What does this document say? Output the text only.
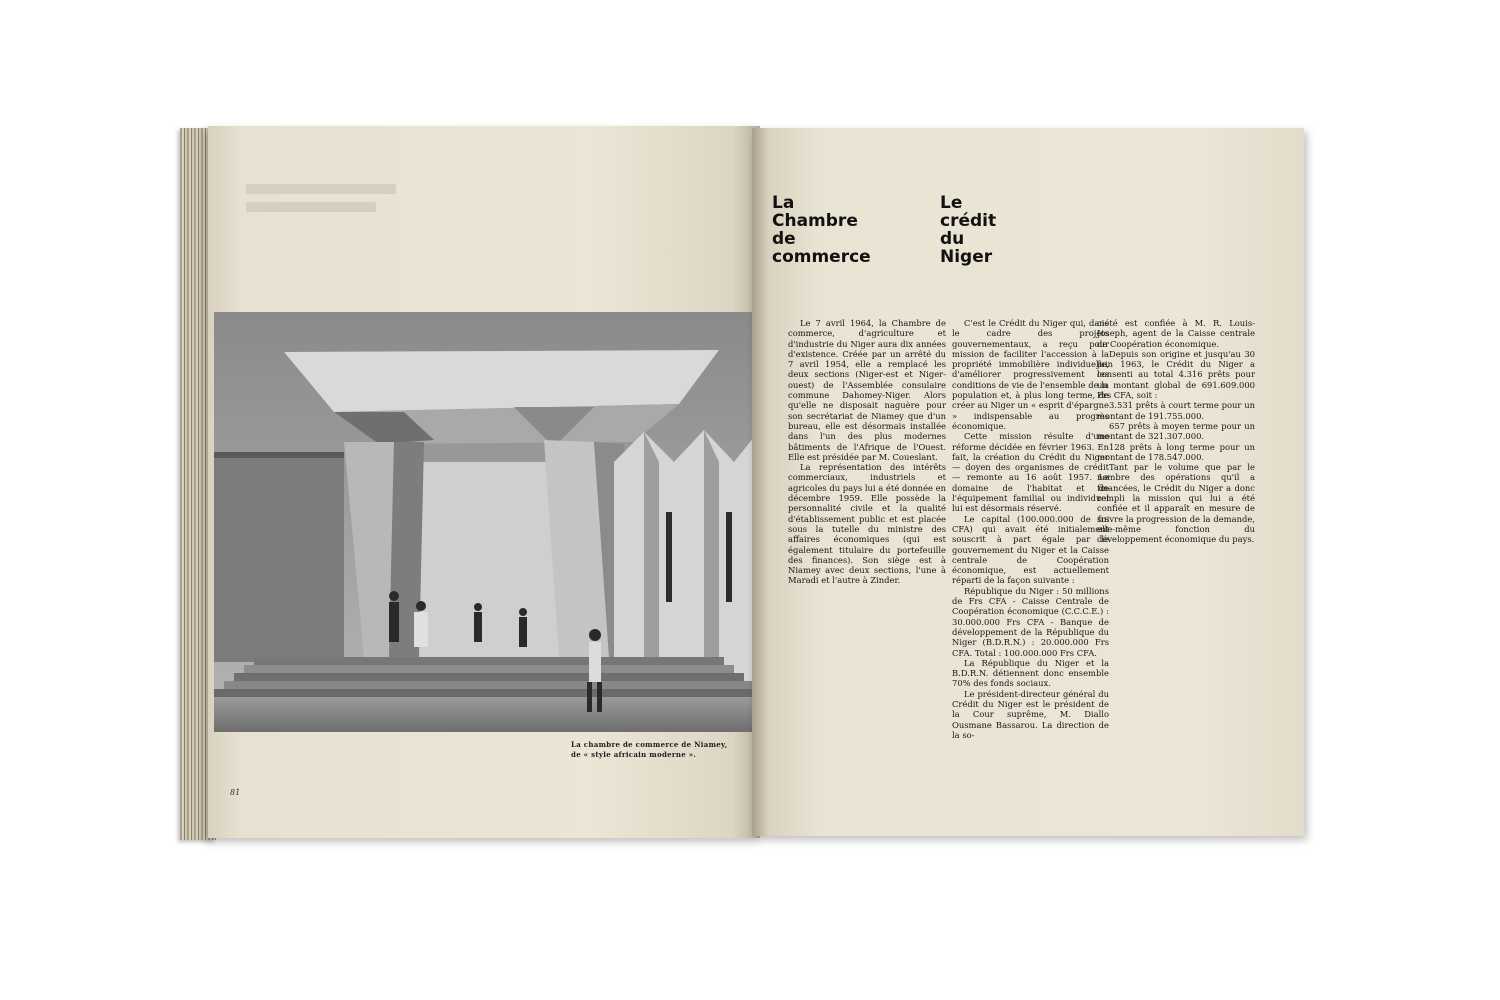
81
La chambre de commerce de Niamey,
de « style africain moderne ».
La
Chambre
de
commerce
Le
crédit
du
Niger

Le 7 avril 1964, la Chambre de commerce, d'agriculture et d'industrie du Niger aura dix années d'existence. Créée par un arrêté du 7 avril 1954, elle a remplacé les deux sections (Niger-est et Niger-ouest) de l'Assemblée consulaire commune Dahomey-Niger. Alors qu'elle ne disposait naguère pour son secrétariat de Niamey que d'un bureau, elle est désormais installée dans l'un des plus modernes bâtiments de l'Afrique de l'Ouest. Elle est présidée par M. Coueslant.

La représentation des intérêts commerciaux, industriels et agricoles du pays lui a été donnée en décembre 1959. Elle possède la personnalité civile et la qualité d'établissement public et est placée sous la tutelle du ministre des affaires économiques (qui est également titulaire du portefeuille des finances). Son siège est à Niamey avec deux sections, l'une à Maradi et l'autre à Zinder.

C'est le Crédit du Niger qui, dans le cadre des projets gouvernementaux, a reçu pour mission de faciliter l'accession à la propriété immobilière individuelle, d'améliorer progressivement les conditions de vie de l'ensemble de la population et, à plus long terme, de créer au Niger un « esprit d'épargne » indispensable au progrès économique.

Cette mission résulte d'une réforme décidée en février 1963. En fait, la création du Crédit du Niger — doyen des organismes de crédit — remonte au 16 août 1957. Le domaine de l'habitat et de l'équipement familial ou individuel lui est désormais réservé.

Le capital (100.000.000 de frs CFA) qui avait été initialement souscrit à part égale par le gouvernement du Niger et la Caisse centrale de Coopération économique, est actuellement réparti de la façon suivante :

République du Niger : 50 millions de Frs CFA - Caisse Centrale de Coopération économique (C.C.C.E.) : 30.000.000 Frs CFA - Banque de développement de la République du Niger (B.D.R.N.) : 20.000.000 Frs CFA. Total : 100.000.000 Frs CFA.

La République du Niger et la B.D.R.N. détiennent donc ensemble 70% des fonds sociaux.

Le président-directeur général du Crédit du Niger est le président de la Cour suprême, M. Diallo Ousmane Bassarou. La direction de la so-

ciété est confiée à M. R. Louis-Joseph, agent de la Caisse centrale de Coopération économique.

Depuis son origine et jusqu'au 30 juin 1963, le Crédit du Niger a consenti au total 4.316 prêts pour un montant global de 691.609.000 Frs CFA, soit :

3.531 prêts à court terme pour un montant de 191.755.000.

657 prêts à moyen terme pour un montant de 321.307.000.

128 prêts à long terme pour un montant de 178.547.000.

Tant par le volume que par le nombre des opérations qu'il a financées, le Crédit du Niger a donc rempli la mission qui lui a été confiée et il apparaît en mesure de suivre la progression de la demande, elle-même fonction du développement économique du pays.
